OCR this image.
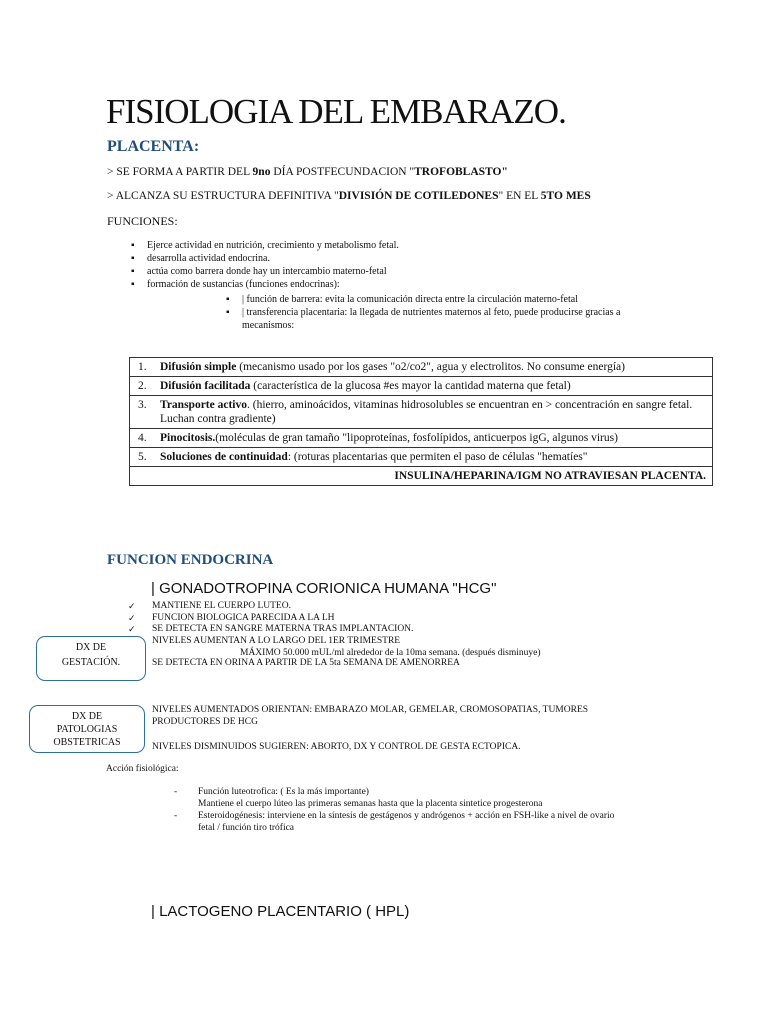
FISIOLOGIA DEL EMBARAZO.
PLACENTA:
> SE FORMA A PARTIR DEL 9no DÍA POSTFECUNDACION "TROFOBLASTO"
> ALCANZA SU ESTRUCTURA DEFINITIVA "DIVISIÓN DE COTILEDONES" EN EL 5TO MES
FUNCIONES:
▪ Ejerce actividad en nutrición, crecimiento y metabolismo fetal.
▪ desarrolla actividad endocrina.
▪ actúa como barrera donde hay un intercambio materno-fetal
▪ formación de sustancias (funciones endocrinas):
▪ | función de barrera: evita la comunicación directa entre la circulación materno-fetal
▪ | transferencia placentaria: la llegada de nutrientes maternos al feto, puede producirse gracias a mecanismos:
1.	Difusión simple (mecanismo usado por los gases "o2/co2", agua y electrolitos. No consume energía)

2.	Difusión facilitada (característica de la glucosa #es mayor la cantidad materna que fetal)

3.	Transporte activo. (hierro, aminoácidos, vitaminas hidrosolubles se encuentran en > concentración en sangre fetal. Luchan contra gradiente)

4.	Pinocitosis.(moléculas de gran tamaño "lipoproteínas, fosfolípidos, anticuerpos igG, algunos virus)

5.	Soluciones de continuidad: (roturas placentarias que permiten el paso de células "hematíes"

INSULINA/HEPARINA/IGM NO ATRAVIESAN PLACENTA.
FUNCION ENDOCRINA
| GONADOTROPINA CORIONICA HUMANA "HCG"
✓ MANTIENE EL CUERPO LUTEO.
✓ FUNCION BIOLOGICA PARECIDA A LA LH
✓ SE DETECTA EN SANGRE MATERNA TRAS IMPLANTACION.
NIVELES AUMENTAN A LO LARGO DEL 1ER TRIMESTRE
SE DETECTA EN ORINA A PARTIR DE LA 5ta SEMANA DE AMENORREA
MÁXIMO 50.000 mUL/ml alrededor de la 10ma semana. (después disminuye)
DX DE
GESTACIÓN.
NIVELES AUMENTADOS ORIENTAN: EMBARAZO MOLAR, GEMELAR, CROMOSOPATIAS, TUMORES
PRODUCTORES DE HCG
NIVELES DISMINUIDOS SUGIEREN: ABORTO, DX Y CONTROL DE GESTA ECTOPICA.
DX DE
PATOLOGIAS
OBSTETRICAS
Acción fisiológica:
- Función luteotrofica: ( Es la más importante)
Mantiene el cuerpo lúteo las primeras semanas hasta que la placenta sintetice progesterona
- Esteroidogénesis: interviene en la síntesis de gestágenos y andrógenos + acción en FSH-like a nivel de ovario
fetal / función tiro trófica
| LACTOGENO PLACENTARIO ( HPL)
